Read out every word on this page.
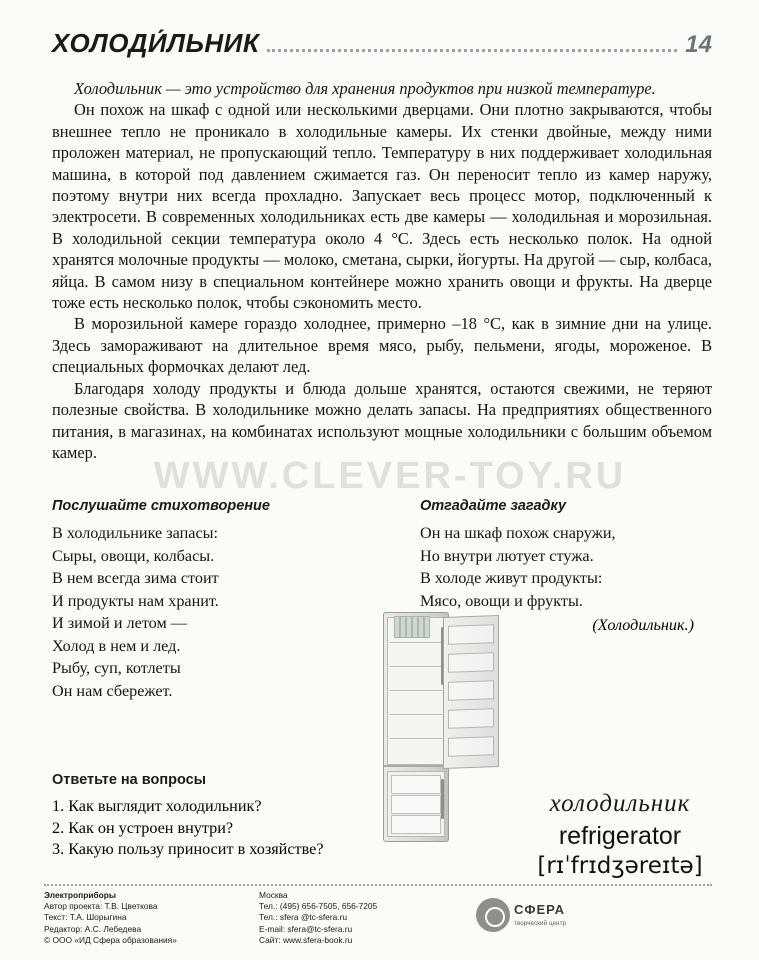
ХОЛОДИ́ЛЬНИК	14

Холодильник — это устройство для хранения продуктов при низкой температуре.

Он похож на шкаф с одной или несколькими дверцами. Они плотно закрываются, чтобы внешнее тепло не проникало в холодильные камеры. Их стенки двойные, между ними проложен материал, не пропускающий тепло. Температуру в них поддерживает холодильная машина, в которой под давлением сжимается газ. Он переносит тепло из камер наружу, поэтому внутри них всегда прохладно. Запускает весь процесс мотор, подключенный к электросети. В современных холодильниках есть две камеры — холодильная и морозильная. В холодильной секции температура около 4 °С. Здесь есть несколько полок. На одной хранятся молочные продукты — молоко, сметана, сырки, йогурты. На другой — сыр, колбаса, яйца. В самом низу в специальном контейнере можно хранить овощи и фрукты. На дверце тоже есть несколько полок, чтобы сэкономить место.

В морозильной камере гораздо холоднее, примерно –18 °С, как в зимние дни на улице. Здесь замораживают на длительное время мясо, рыбу, пельмени, ягоды, мороженое. В специальных формочках делают лед.

Благодаря холоду продукты и блюда дольше хранятся, остаются свежими, не теряют полезные свойства. В холодильнике можно делать запасы. На предприятиях общественного питания, в магазинах, на комбинатах используют мощные холодильники с большим объемом камер.

WWW.CLEVER-TOY.RU
Послушайте стихотворение
В холодильнике запасы:
Сыры, овощи, колбасы.
В нем всегда зима стоит
И продукты нам хранит.
И зимой и летом —
Холод в нем и лед.
Рыбу, суп, котлеты
Он нам сбережет.
Отгадайте загадку
Он на шкаф похож снаружи,
Но внутри лютует стужа.
В холоде живут продукты:
Мясо, овощи и фрукты.
(Холодильник.)
Ответьте на вопросы
1. Как выглядит холодильник?
2. Как он устроен внутри?
3. Какую пользу приносит в хозяйстве?
холодильник
refrigerator
[rɪˈfrɪdʒəreɪtə]
Электроприборы
Автор проекта: Т.В. Цветкова
Текст: Т.А. Шорыгина
Редактор: А.С. Лебедева
© ООО «ИД Сфера образования»
Москва
Тел.: (495) 656-7505, 656-7205
Тел.: sfera @tc-sfera.ru
E-mail: sfera@tc-sfera.ru
Сайт: www.sfera-book.ru
СФЕРА
творческий центр
